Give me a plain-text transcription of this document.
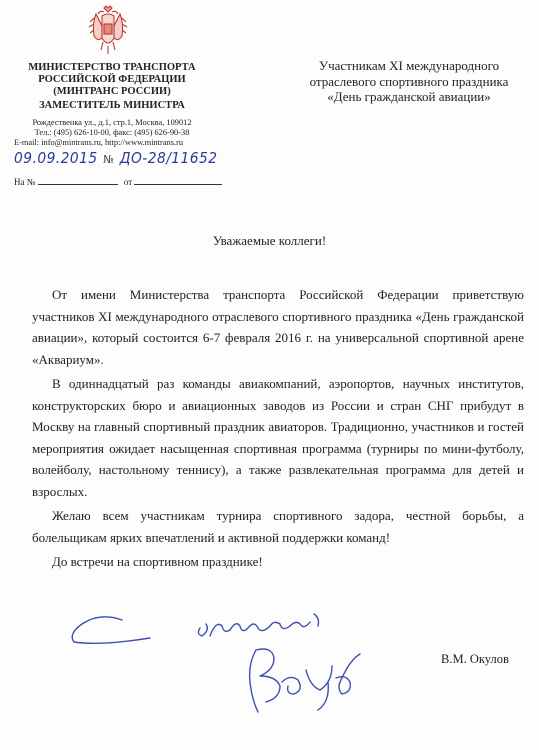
МИНИСТЕРСТВО ТРАНСПОРТА
РОССИЙСКОЙ ФЕДЕРАЦИИ
(МИНТРАНС РОССИИ)
ЗАМЕСТИТЕЛЬ МИНИСТРА
Рождественка ул., д.1, стр.1, Москва, 109012
Тел.: (495) 626-10-00, факс: (495) 626-90-38
E-mail: info@mintrans.ru, http://www.mintrans.ru
09.09.2015 № ДО-28/11652
На №	от
Участникам XI международного отраслевого спортивного праздника «День гражданской авиации»
Уважаемые коллеги!

От имени Министерства транспорта Российской Федерации приветствую участников XI международного отраслевого спортивного праздника «День гражданской авиации», который состоится 6-7 февраля 2016 г. на универсальной спортивной арене «Аквариум».

В одиннадцатый раз команды авиакомпаний, аэропортов, научных институтов, конструкторских бюро и авиационных заводов из России и стран СНГ прибудут в Москву на главный спортивный праздник авиаторов. Традиционно, участников и гостей мероприятия ожидает насыщенная спортивная программа (турниры по мини-футболу, волейболу, настольному теннису), а также развлекательная программа для детей и взрослых.

Желаю всем участникам турнира спортивного задора, честной борьбы, а болельщикам ярких впечатлений и активной поддержки команд!

До встречи на спортивном празднике!

В.М. Окулов
